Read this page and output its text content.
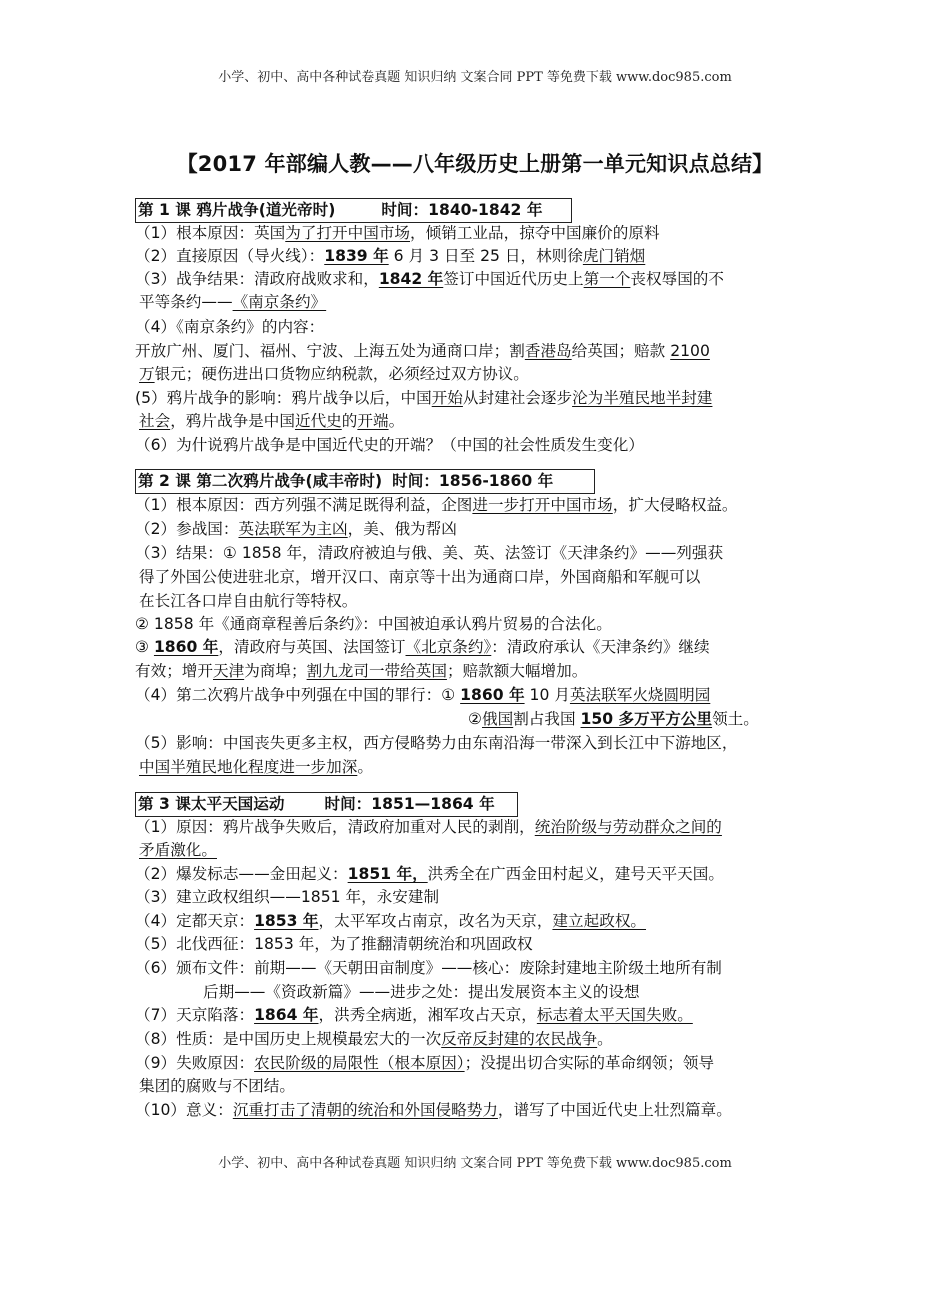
小学、初中、高中各种试卷真题 知识归纳 文案合同 PPT 等免费下载 www.doc985.com
【2017 年部编人教——八年级历史上册第一单元知识点总结】
第 1 课 鸦片战争(道光帝时)	时间：1840-1842 年
（1）根本原因：英国为了打开中国市场，倾销工业品，掠夺中国廉价的原料
（2）直接原因（导火线）：1839 年 6 月 3 日至 25 日，林则徐虎门销烟
（3）战争结果：清政府战败求和，1842 年签订中国近代历史上第一个丧权辱国的不
平等条约——《南京条约》
（4）《南京条约》的内容：
开放广州、厦门、福州、宁波、上海五处为通商口岸；割香港岛给英国；赔款 2100
万银元；硬伤进出口货物应纳税款，必须经过双方协议。
(5）鸦片战争的影响：鸦片战争以后，中国开始从封建社会逐步沦为半殖民地半封建
社会，鸦片战争是中国近代史的开端。
（6）为什说鸦片战争是中国近代史的开端？（中国的社会性质发生变化）
第 2 课 第二次鸦片战争(咸丰帝时) 时间：1856-1860 年
（1）根本原因：西方列强不满足既得利益，企图进一步打开中国市场，扩大侵略权益。
（2）参战国：英法联军为主凶，美、俄为帮凶
（3）结果：① 1858 年，清政府被迫与俄、美、英、法签订《天津条约》——列强获
得了外国公使进驻北京，增开汉口、南京等十出为通商口岸，外国商船和军舰可以
在长江各口岸自由航行等特权。
② 1858 年《通商章程善后条约》：中国被迫承认鸦片贸易的合法化。
③ 1860 年，清政府与英国、法国签订《北京条约》：清政府承认《天津条约》继续
有效；增开天津为商埠；割九龙司一带给英国；赔款额大幅增加。
（4）第二次鸦片战争中列强在中国的罪行：① 1860 年 10 月英法联军火烧圆明园
②俄国割占我国 150 多万平方公里领土。
（5）影响：中国丧失更多主权，西方侵略势力由东南沿海一带深入到长江中下游地区，
中国半殖民地化程度进一步加深。
第 3 课太平天国运动	时间：1851—1864 年
（1）原因：鸦片战争失败后，清政府加重对人民的剥削，统治阶级与劳动群众之间的
矛盾激化。
（2）爆发标志——金田起义：1851 年，洪秀全在广西金田村起义，建号天平天国。
（3）建立政权组织——1851 年，永安建制
（4）定都天京：1853 年，太平军攻占南京，改名为天京，建立起政权。
（5）北伐西征：1853 年，为了推翻清朝统治和巩固政权
（6）颁布文件：前期——《天朝田亩制度》——核心：废除封建地主阶级土地所有制
后期——《资政新篇》——进步之处：提出发展资本主义的设想
（7）天京陷落：1864 年，洪秀全病逝，湘军攻占天京，标志着太平天国失败。
（8）性质：是中国历史上规模最宏大的一次反帝反封建的农民战争。
（9）失败原因：农民阶级的局限性（根本原因）；没提出切合实际的革命纲领；领导
集团的腐败与不团结。
（10）意义：沉重打击了清朝的统治和外国侵略势力，谱写了中国近代史上壮烈篇章。
小学、初中、高中各种试卷真题 知识归纳 文案合同 PPT 等免费下载 www.doc985.com
